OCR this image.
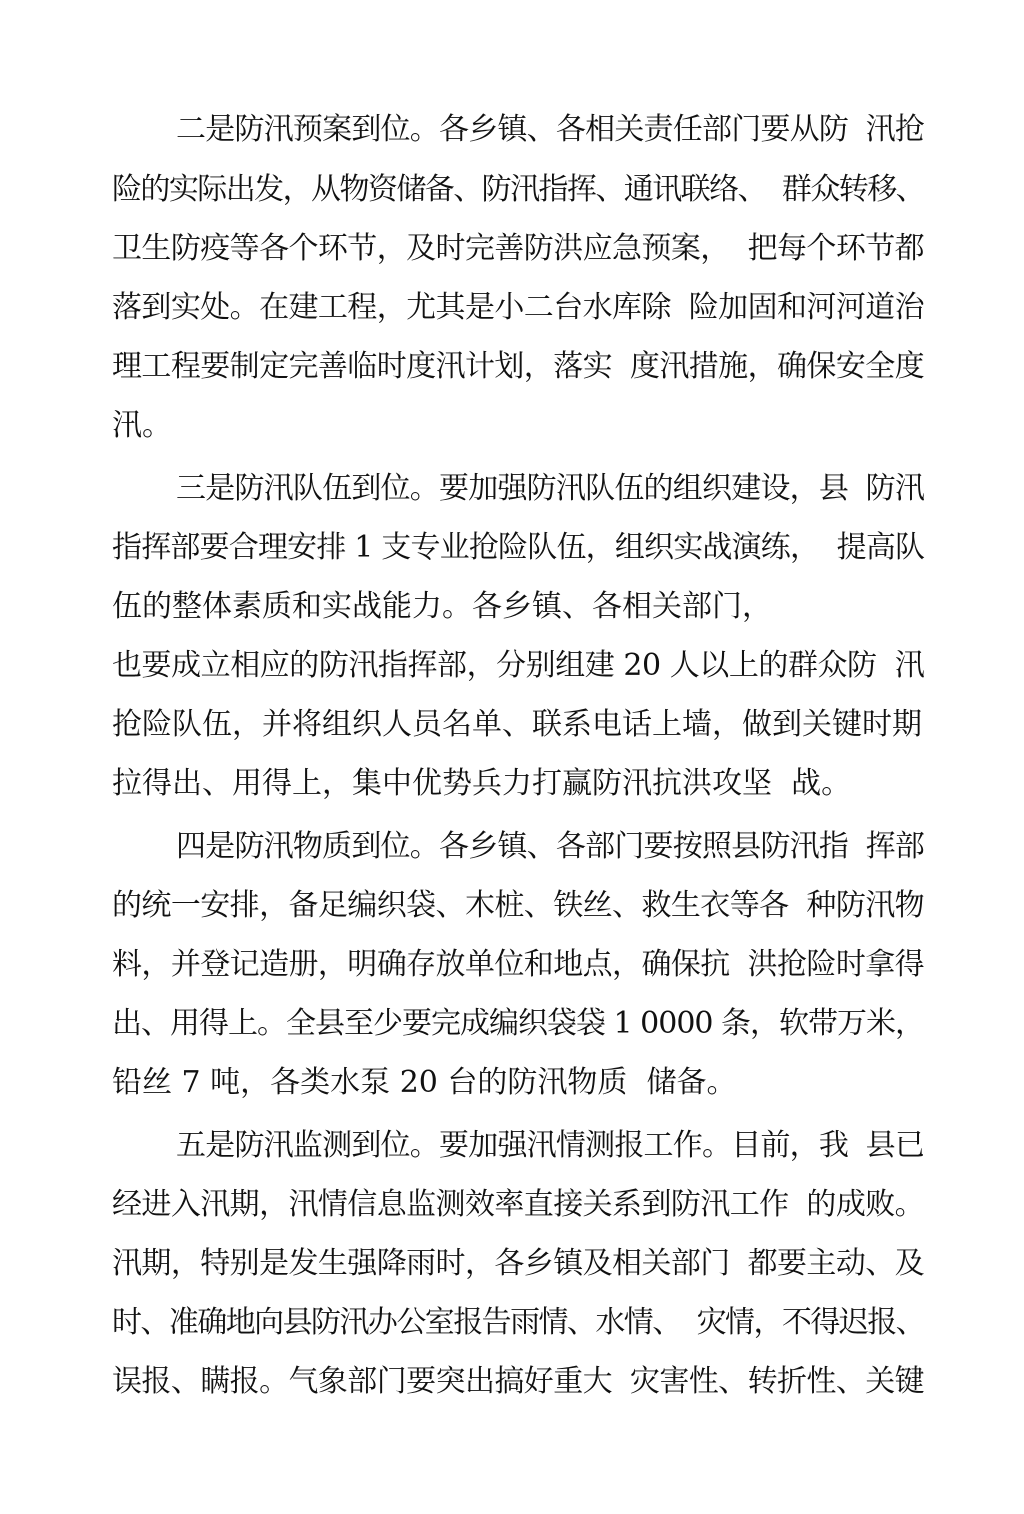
二是防汛预案到位。各乡镇、各相关责任部门要从防  汛抢
险的实际出发，从物资储备、防汛指挥、通讯联络、  群众转移、
卫生防疫等各个环节，及时完善防洪应急预案，  把每个环节都
落到实处。在建工程，尤其是小二台水库除  险加固和河河道治
理工程要制定完善临时度汛计划，落实  度汛措施，确保安全度
汛。
三是防汛队伍到位。要加强防汛队伍的组织建设，县  防汛
指挥部要合理安排 1 支专业抢险队伍，组织实战演练，  提高队
伍的整体素质和实战能力。各乡镇、各相关部门，
也要成立相应的防汛指挥部，分别组建 20 人以上的群众防  汛
抢险队伍，并将组织人员名单、联系电话上墙，做到关键时期
拉得出、用得上，集中优势兵力打赢防汛抗洪攻坚  战。
四是防汛物质到位。各乡镇、各部门要按照县防汛指  挥部
的统一安排，备足编织袋、木桩、铁丝、救生衣等各  种防汛物
料，并登记造册，明确存放单位和地点，确保抗  洪抢险时拿得
出、用得上。全县至少要完成编织袋袋 1 0000 条，软带万米，
铅丝 7 吨，各类水泵 20 台的防汛物质  储备。
五是防汛监测到位。要加强汛情测报工作。目前，我  县已
经进入汛期，汛情信息监测效率直接关系到防汛工作  的成败。
汛期，特别是发生强降雨时，各乡镇及相关部门  都要主动、及
时、准确地向县防汛办公室报告雨情、水情、  灾情，不得迟报、
误报、瞒报。气象部门要突出搞好重大  灾害性、转折性、关键
